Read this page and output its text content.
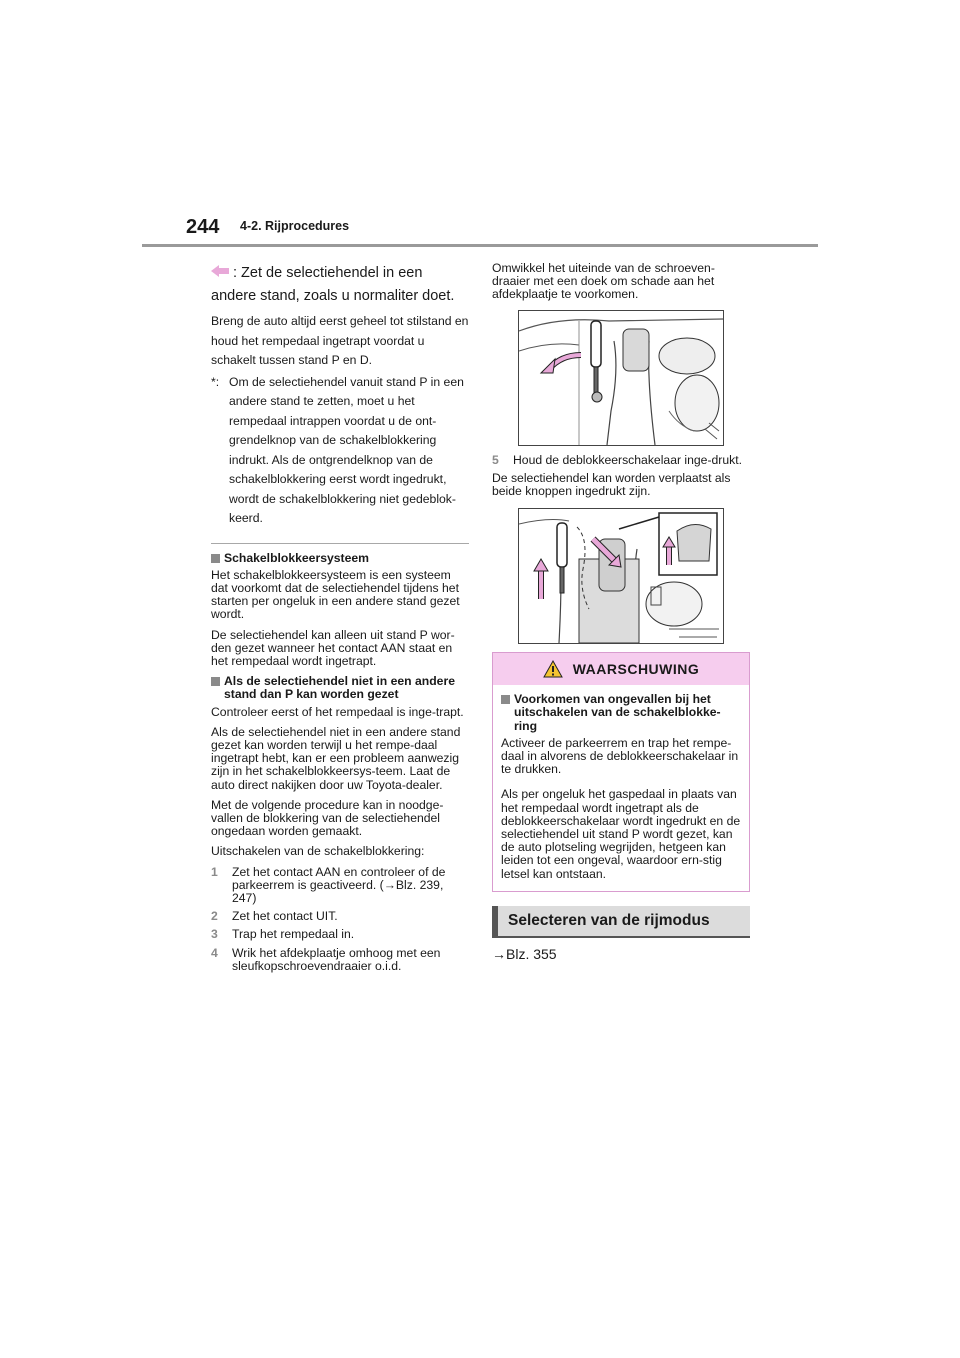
244 4-2. Rijprocedures
: Zet de selectiehendel in een andere stand, zoals u normaliter doet.

Breng de auto altijd eerst geheel tot stilstand en houd het rempedaal ingetrapt voordat u schakelt tussen stand P en D.

*: Om de selectiehendel vanuit stand P in een andere stand te zetten, moet u het rempedaal intrappen voordat u de ont-grendelknop van de schakelblokkering indrukt. Als de ontgrendelknop van de schakelblokkering eerst wordt ingedrukt, wordt de schakelblokkering niet gedeblok-keerd.
Schakelblokkeersysteem

Het schakelblokkeersysteem is een systeem dat voorkomt dat de selectiehendel tijdens het starten per ongeluk in een andere stand gezet wordt.

De selectiehendel kan alleen uit stand P wor-den gezet wanneer het contact AAN staat en het rempedaal wordt ingetrapt.

Als de selectiehendel niet in een andere stand dan P kan worden gezet

Controleer eerst of het rempedaal is inge-trapt.

Als de selectiehendel niet in een andere stand gezet kan worden terwijl u het rempe-daal ingetrapt hebt, kan er een probleem aanwezig zijn in het schakelblokkeersys-teem. Laat de auto direct nakijken door uw Toyota-dealer.

Met de volgende procedure kan in noodge-vallen de blokkering van de selectiehendel ongedaan worden gemaakt.

Uitschakelen van de schakelblokkering:

1	Zet het contact AAN en controleer of de parkeerrem is geactiveerd. (→Blz. 239, 247)
2	Zet het contact UIT.
3	Trap het rempedaal in.
4	Wrik het afdekplaatje omhoog met een sleufkopschroevendraaier o.i.d.

Omwikkel het uiteinde van de schroeven-draaier met een doek om schade aan het afdekplaatje te voorkomen.

5	Houd de deblokkeerschakelaar inge-drukt.

De selectiehendel kan worden verplaatst als beide knoppen ingedrukt zijn.

WAARSCHUWING
Voorkomen van ongevallen bij het uitschakelen van de schakelblokke-ring

Activeer de parkeerrem en trap het rempe-daal in alvorens de deblokkeerschakelaar in te drukken.

Als per ongeluk het gaspedaal in plaats van het rempedaal wordt ingetrapt als de deblokkeerschakelaar wordt ingedrukt en de selectiehendel uit stand P wordt gezet, kan de auto plotseling wegrijden, hetgeen kan leiden tot een ongeval, waardoor ern-stig letsel kan ontstaan.

Selecteren van de rijmodus
→Blz. 355
